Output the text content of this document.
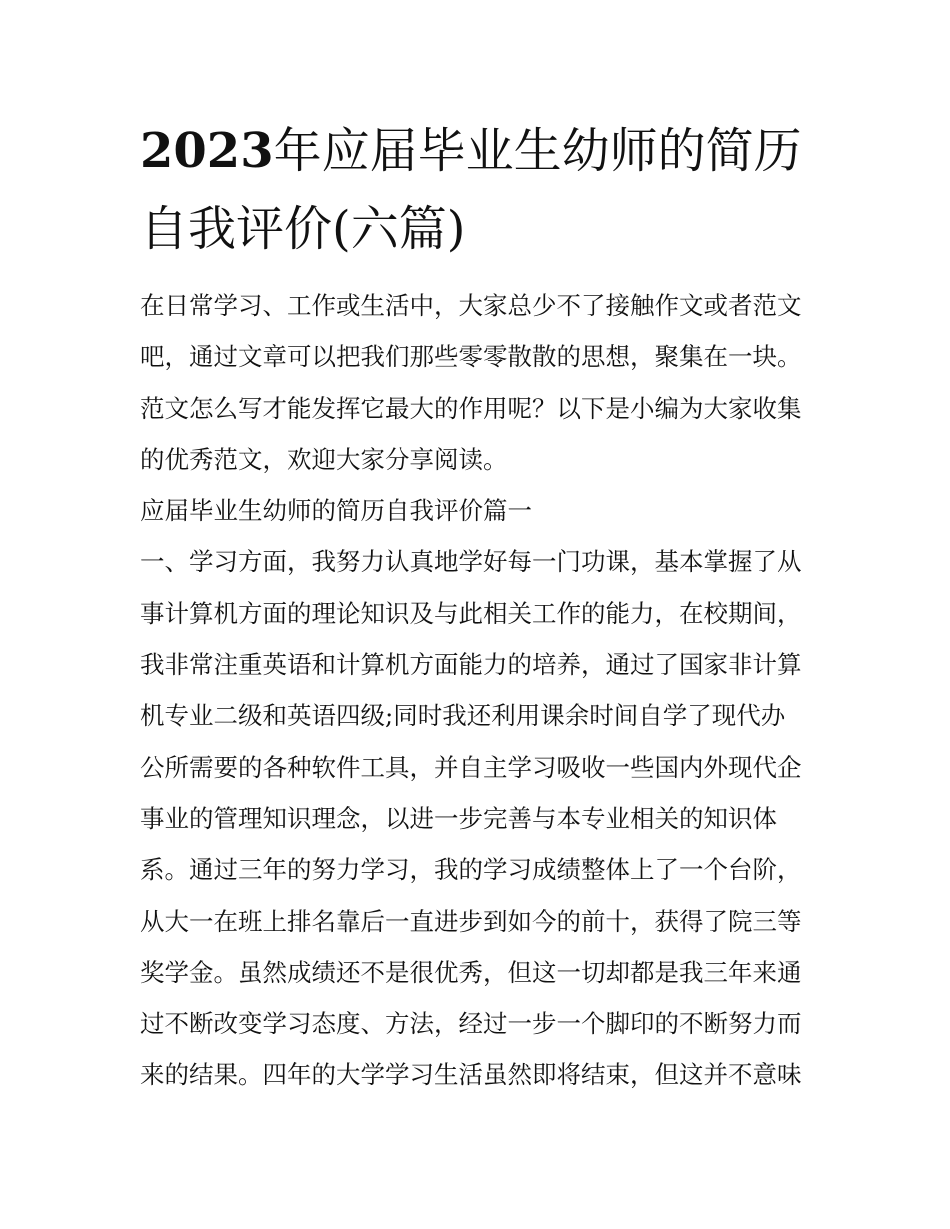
2023年应届毕业生幼师的简历
自我评价(六篇)
在日常学习、工作或生活中，大家总少不了接触作文或者范文
吧，通过文章可以把我们那些零零散散的思想，聚集在一块。
范文怎么写才能发挥它最大的作用呢？以下是小编为大家收集
的优秀范文，欢迎大家分享阅读。
应届毕业生幼师的简历自我评价篇一
一、学习方面，我努力认真地学好每一门功课，基本掌握了从
事计算机方面的理论知识及与此相关工作的能力，在校期间，
我非常注重英语和计算机方面能力的培养，通过了国家非计算
机专业二级和英语四级;同时我还利用课余时间自学了现代办
公所需要的各种软件工具，并自主学习吸收一些国内外现代企
事业的管理知识理念，以进一步完善与本专业相关的知识体
系。通过三年的努力学习，我的学习成绩整体上了一个台阶，
从大一在班上排名靠后一直进步到如今的前十，获得了院三等
奖学金。虽然成绩还不是很优秀，但这一切却都是我三年来通
过不断改变学习态度、方法，经过一步一个脚印的不断努力而
来的结果。四年的大学学习生活虽然即将结束，但这并不意味
